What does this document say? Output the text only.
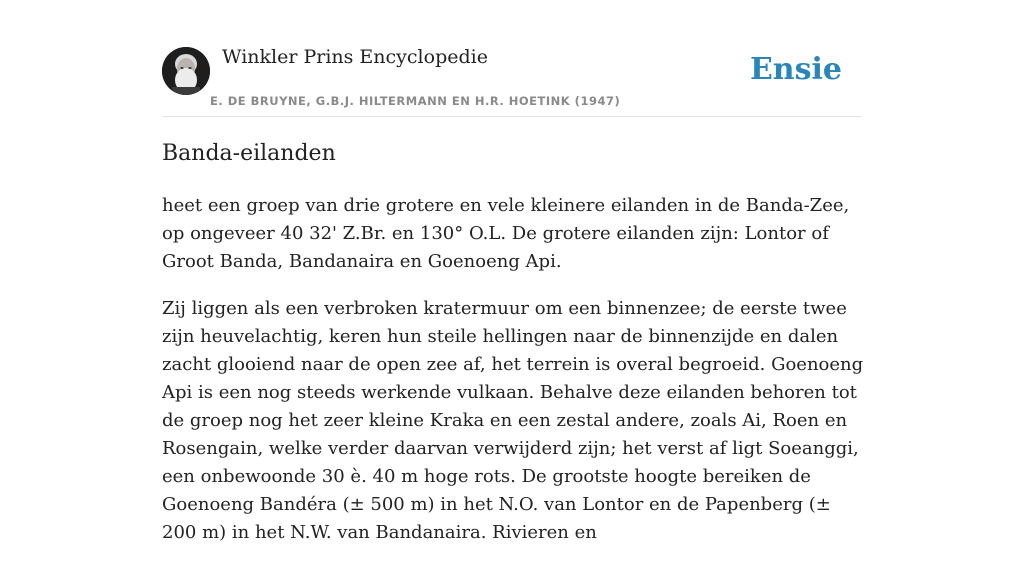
Winkler Prins Encyclopedie
E. DE BRUYNE, G.B.J. HILTERMANN EN H.R. HOETINK (1947)
Ensie
Banda-eilanden

heet een groep van drie grotere en vele kleinere eilanden in de Banda-Zee, op ongeveer 40 32' Z.Br. en 130° O.L. De grotere eilanden zijn: Lontor of Groot Banda, Bandanaira en Goenoeng Api.

Zij liggen als een verbroken kratermuur om een binnenzee; de eerste twee zijn heuvelachtig, keren hun steile hellingen naar de binnenzijde en dalen zacht glooiend naar de open zee af, het terrein is overal begroeid. Goenoeng Api is een nog steeds werkende vulkaan. Behalve deze eilanden behoren tot de groep nog het zeer kleine Kraka en een zestal andere, zoals Ai, Roen en Rosengain, welke verder daarvan verwijderd zijn; het verst af ligt Soeanggi, een onbewoonde 30 è. 40 m hoge rots. De grootste hoogte bereiken de Goenoeng Bandéra (± 500 m) in het N.O. van Lontor en de Papenberg (± 200 m) in het N.W. van Bandanaira. Rivieren en
